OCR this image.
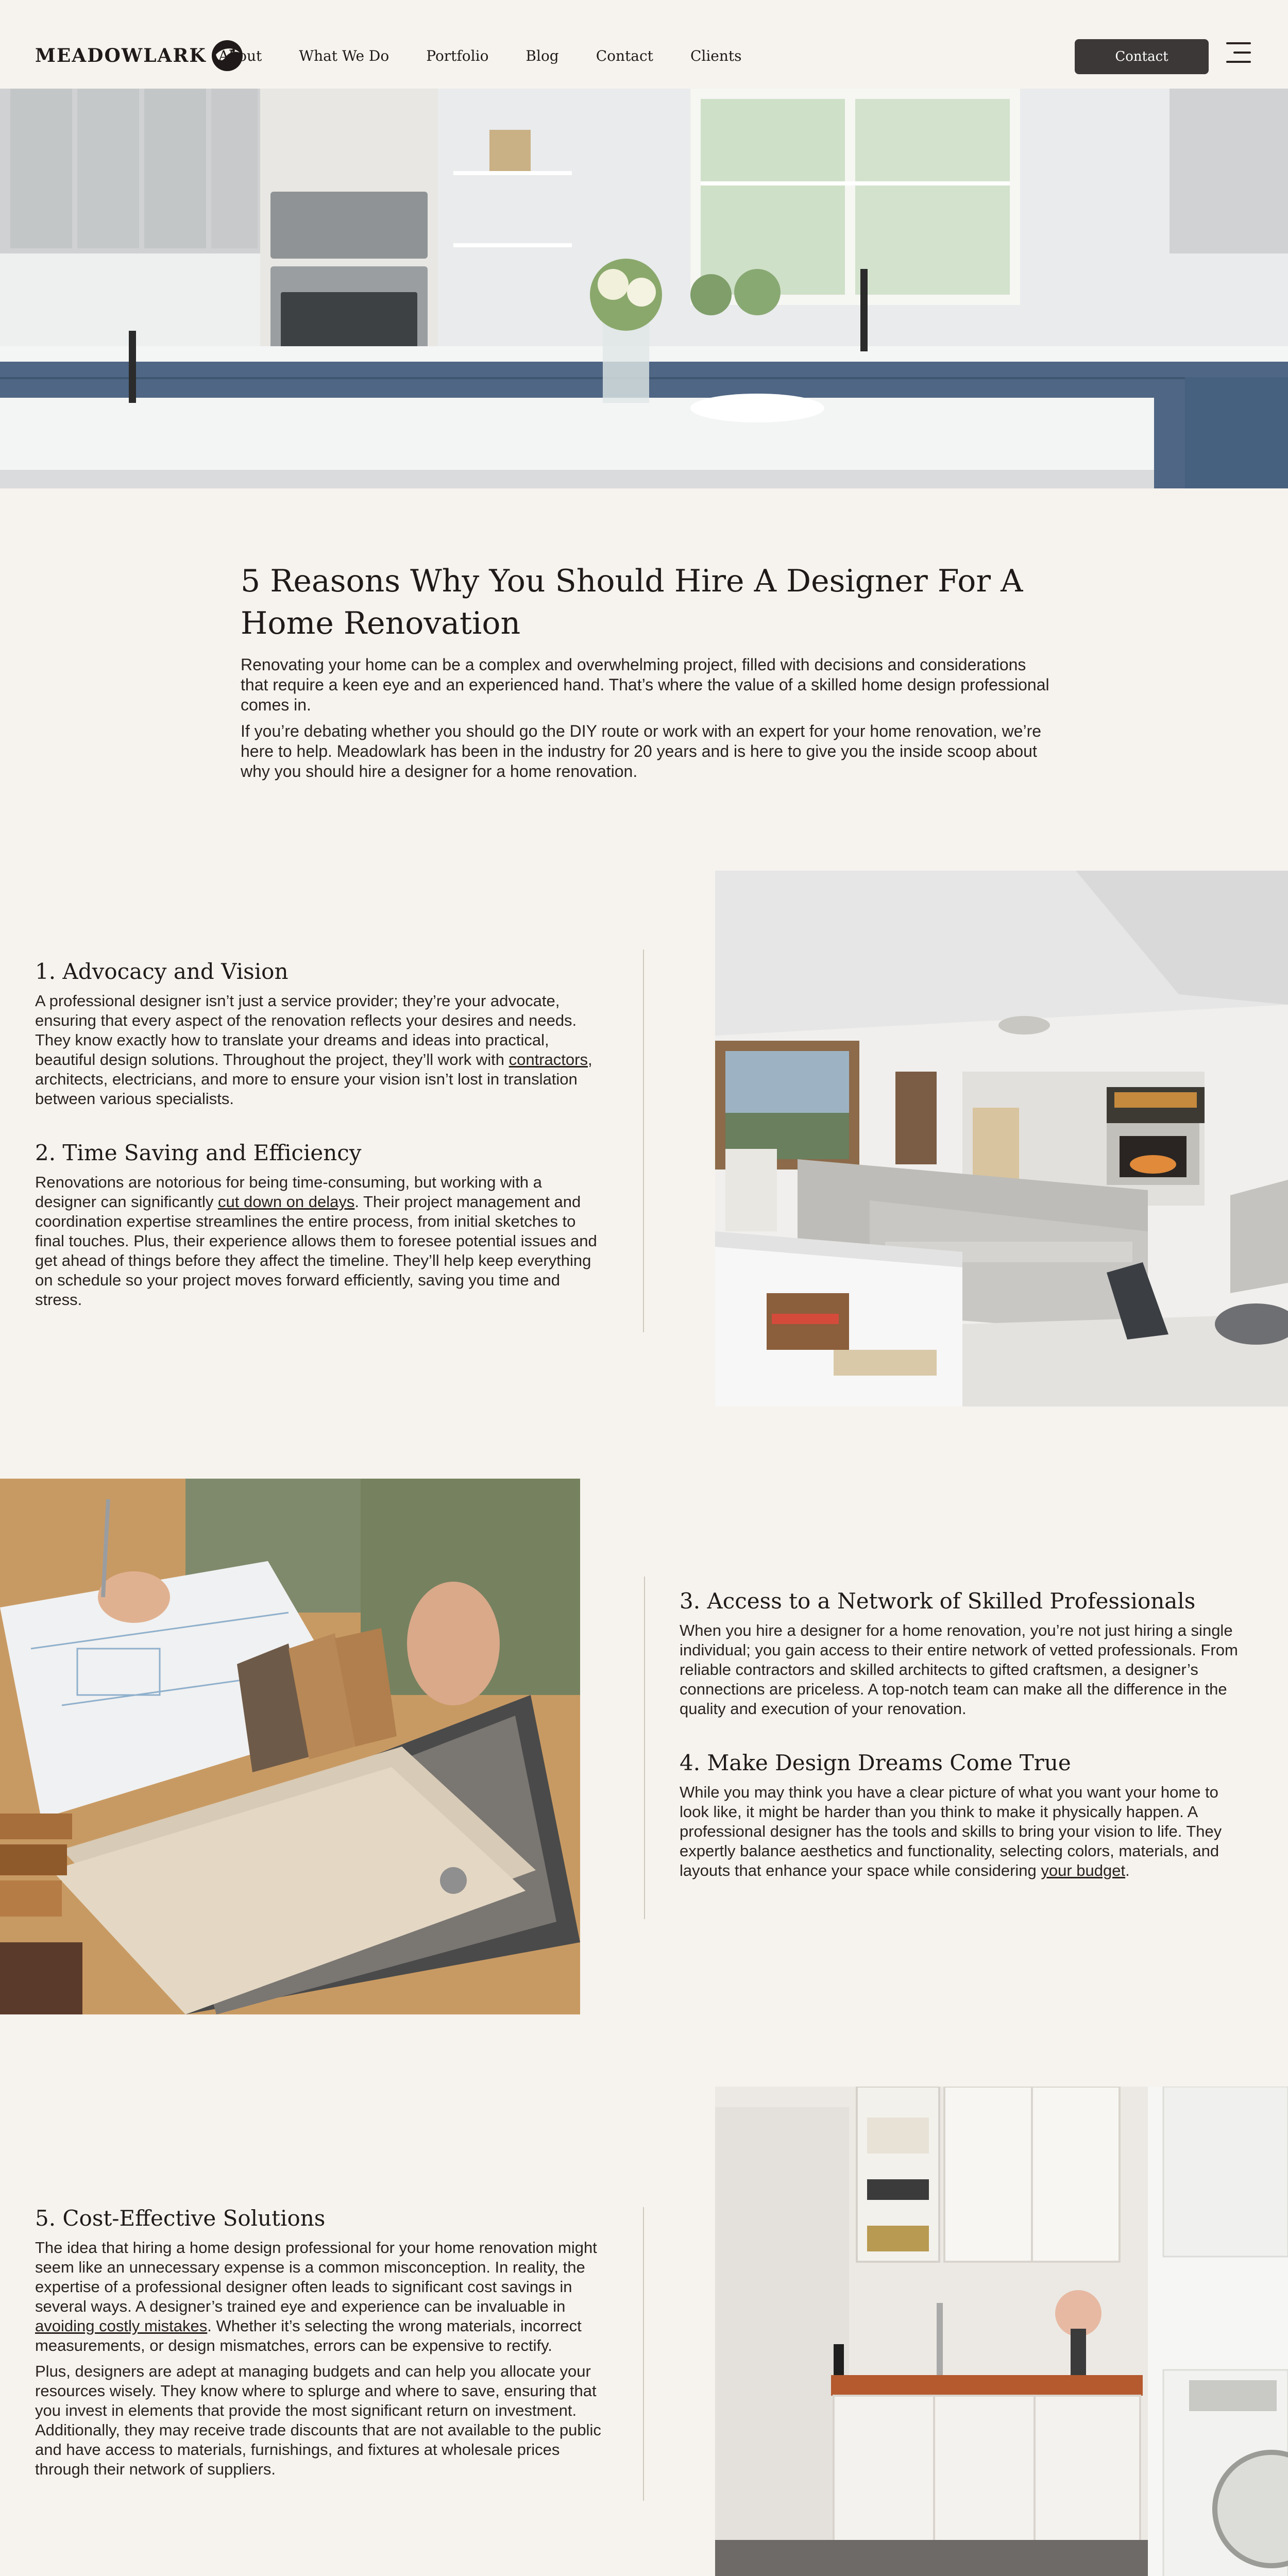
MEADOWLARK About	What We Do	Portfolio	Blog	Contact	Clients	Contact
5 Reasons Why You Should Hire A Designer For A Home Renovation

Renovating your home can be a complex and overwhelming project, filled with decisions and considerations that require a keen eye and an experienced hand. That’s where the value of a skilled home design professional comes in.

If you’re debating whether you should go the DIY route or work with an expert for your home renovation, we’re here to help. Meadowlark has been in the industry for 20 years and is here to give you the inside scoop about why you should hire a designer for a home renovation.

1. Advocacy and Vision

A professional designer isn’t just a service provider; they’re your advocate, ensuring that every aspect of the renovation reflects your desires and needs. They know exactly how to translate your dreams and ideas into practical, beautiful design solutions. Throughout the project, they’ll work with contractors, architects, electricians, and more to ensure your vision isn’t lost in translation between various specialists.

2. Time Saving and Efficiency

Renovations are notorious for being time-consuming, but working with a designer can significantly cut down on delays. Their project management and coordination expertise streamlines the entire process, from initial sketches to final touches. Plus, their experience allows them to foresee potential issues and get ahead of things before they affect the timeline. They’ll help keep everything on schedule so your project moves forward efficiently, saving you time and stress.

3. Access to a Network of Skilled Professionals

When you hire a designer for a home renovation, you’re not just hiring a single individual; you gain access to their entire network of vetted professionals. From reliable contractors and skilled architects to gifted craftsmen, a designer’s connections are priceless. A top-notch team can make all the difference in the quality and execution of your renovation.

4. Make Design Dreams Come True

While you may think you have a clear picture of what you want your home to look like, it might be harder than you think to make it physically happen. A professional designer has the tools and skills to bring your vision to life. They expertly balance aesthetics and functionality, selecting colors, materials, and layouts that enhance your space while considering your budget.

5. Cost-Effective Solutions

The idea that hiring a home design professional for your home renovation might seem like an unnecessary expense is a common misconception. In reality, the expertise of a professional designer often leads to significant cost savings in several ways. A designer’s trained eye and experience can be invaluable in avoiding costly mistakes. Whether it’s selecting the wrong materials, incorrect measurements, or design mismatches, errors can be expensive to rectify.

Plus, designers are adept at managing budgets and can help you allocate your resources wisely. They know where to splurge and where to save, ensuring that you invest in elements that provide the most significant return on investment. Additionally, they may receive trade discounts that are not available to the public and have access to materials, furnishings, and fixtures at wholesale prices through their network of suppliers.
